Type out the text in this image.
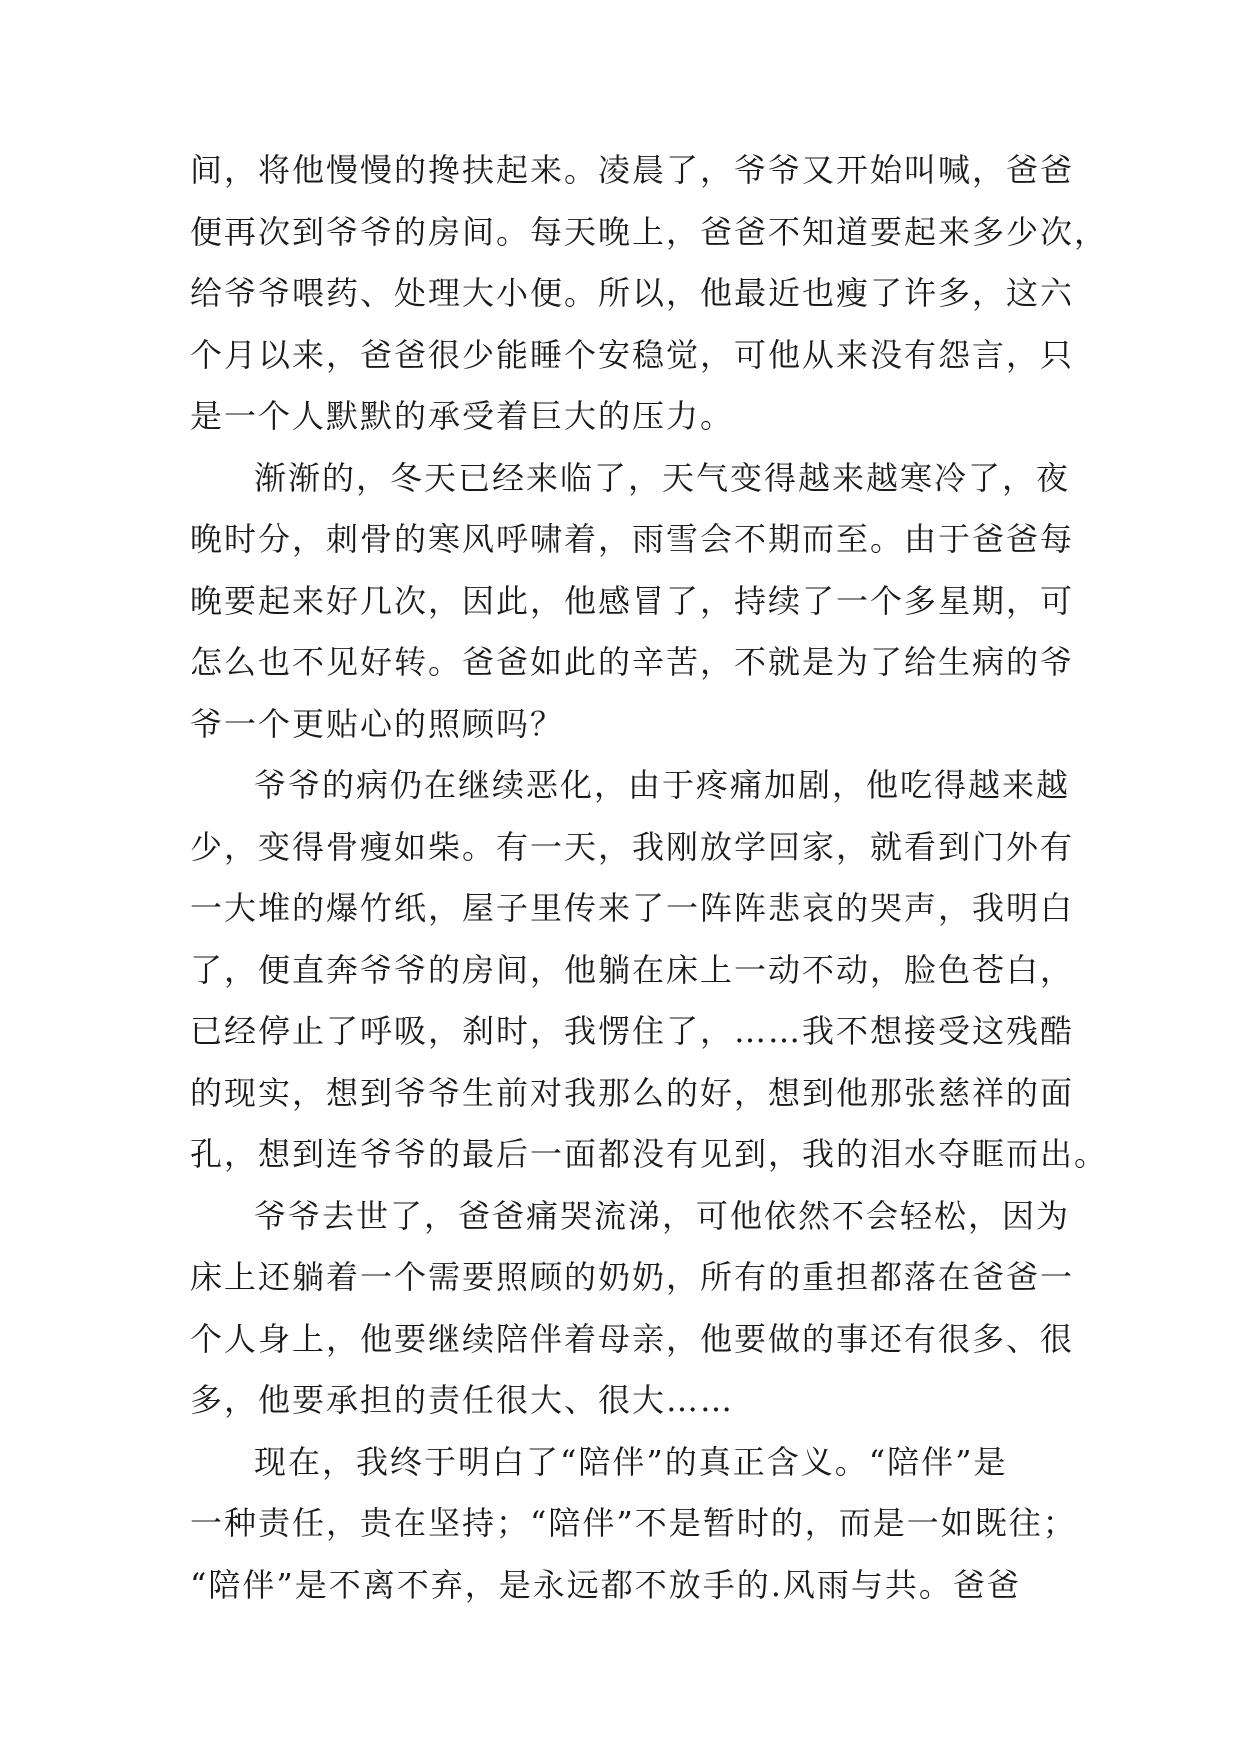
间，将他慢慢的搀扶起来。凌晨了，爷爷又开始叫喊，爸爸
便再次到爷爷的房间。每天晚上，爸爸不知道要起来多少次，
给爷爷喂药、处理大小便。所以，他最近也瘦了许多，这六
个月以来，爸爸很少能睡个安稳觉，可他从来没有怨言，只
是一个人默默的承受着巨大的压力。
渐渐的，冬天已经来临了，天气变得越来越寒冷了，夜
晚时分，刺骨的寒风呼啸着，雨雪会不期而至。由于爸爸每
晚要起来好几次，因此，他感冒了，持续了一个多星期，可
怎么也不见好转。爸爸如此的辛苦，不就是为了给生病的爷
爷一个更贴心的照顾吗？
爷爷的病仍在继续恶化，由于疼痛加剧，他吃得越来越
少，变得骨瘦如柴。有一天，我刚放学回家，就看到门外有
一大堆的爆竹纸，屋子里传来了一阵阵悲哀的哭声，我明白
了，便直奔爷爷的房间，他躺在床上一动不动，脸色苍白，
已经停止了呼吸，刹时，我愣住了，……我不想接受这残酷
的现实，想到爷爷生前对我那么的好，想到他那张慈祥的面
孔，想到连爷爷的最后一面都没有见到，我的泪水夺眶而出。
爷爷去世了，爸爸痛哭流涕，可他依然不会轻松，因为
床上还躺着一个需要照顾的奶奶，所有的重担都落在爸爸一
个人身上，他要继续陪伴着母亲，他要做的事还有很多、很
多，他要承担的责任很大、很大……
现在，我终于明白了“陪伴”的真正含义。“陪伴”是
一种责任，贵在坚持；“陪伴”不是暂时的，而是一如既往；
“陪伴”是不离不弃，是永远都不放手的.风雨与共。爸爸
